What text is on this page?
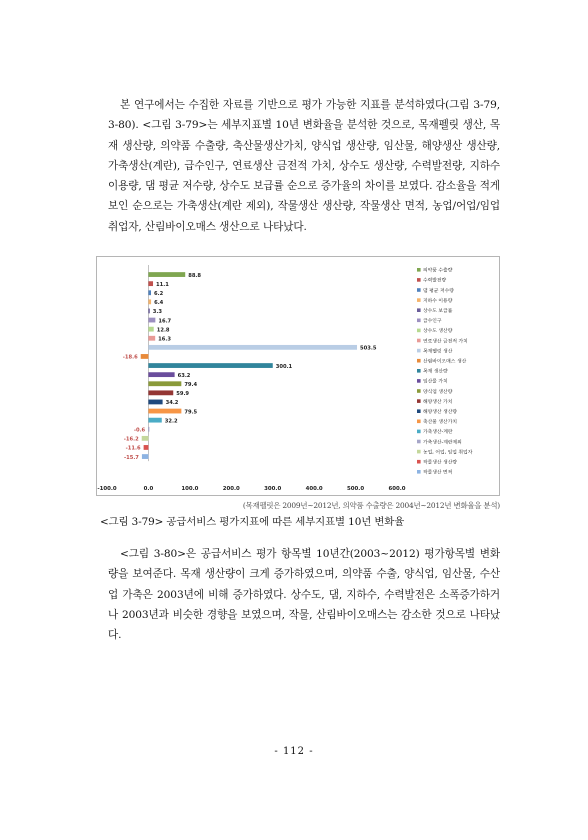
본 연구에서는 수집한 자료를 기반으로 평가 가능한 지표를 분석하였다(그림 3-79, 3-80). <그림 3-79>는 세부지표별 10년 변화율을 분석한 것으로, 목재펠릿 생산, 목재 생산량, 의약품 수출량, 축산물생산가치, 양식업 생산량, 임산물, 해양생산 생산량, 가축생산(계란), 급수인구, 연료생산 금전적 가치, 상수도 생산량, 수력발전량, 지하수 이용량, 댐 평균 저수량, 상수도 보급률 순으로 증가율의 차이를 보였다. 감소율을 적게 보인 순으로는 가축생산(계란 제외), 작물생산 생산량, 작물생산 면적, 농업/어업/임업 취업자, 산림바이오매스 생산으로 나타났다.

88.8
11.1
6.2
6.4
3.3
16.7
12.8
16.3
503.5
-18.6
300.1
63.2
79.4
59.9
34.2
79.5
32.2
-0.6
-16.2
-11.6
-15.7
-100.0	0.0	100.0	200.0	300.0	400.0	500.0	600.0
의약품 수출량
수력발전량
댐 평균 저수량
지하수 이용량
상수도 보급률
급수인구
상수도 생산량
연료생산 금전적 가치
목재펠릿 생산
산림바이오매스 생산
목재 생산량
임산물 가치
양식업 생산량
해양생산 가치
해양생산 생산량
축산물 생산가치
가축생산-계란
가축생산-계란제외
농업, 어업, 임업 취업자
작물생산 생산량
작물생산 면적
(목재펠릿은 2009년~2012년, 의약품 수출량은 2004년~2012년 변화율을 분석)
<그림 3-79> 공급서비스 평가지표에 따른 세부지표별 10년 변화율

<그림 3-80>은 공급서비스 평가 항목별 10년간(2003~2012) 평가항목별 변화량을 보여준다. 목재 생산량이 크게 증가하였으며, 의약품 수출, 양식업, 임산물, 수산업 가축은 2003년에 비해 증가하였다. 상수도, 댐, 지하수, 수력발전은 소폭증가하거나 2003년과 비슷한 경향을 보였으며, 작물, 산림바이오매스는 감소한 것으로 나타났다.

- 112 -
